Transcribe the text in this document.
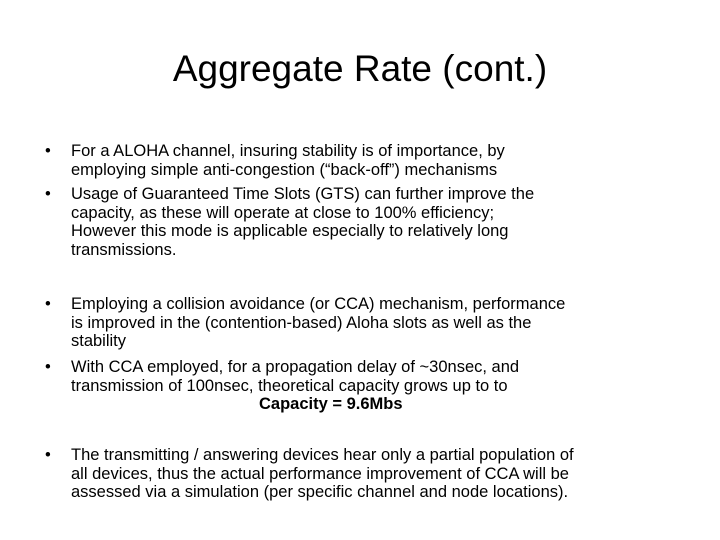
Aggregate Rate (cont.)
•	For a ALOHA channel, insuring stability is of importance, by
employing simple anti-congestion (“back-off”) mechanisms
•	Usage of Guaranteed Time Slots (GTS) can further improve the
capacity, as these will operate at close to 100% efficiency;
However this mode is applicable especially to relatively long
transmissions.
•	Employing a collision avoidance (or CCA) mechanism, performance
is improved in the (contention-based) Aloha slots as well as the
stability
•	With CCA employed, for a propagation delay of ~30nsec, and
transmission of 100nsec, theoretical capacity grows up to to
Capacity = 9.6Mbs
•	The transmitting / answering devices hear only a partial population of
all devices, thus the actual performance improvement of CCA will be
assessed via a simulation (per specific channel and node locations).
